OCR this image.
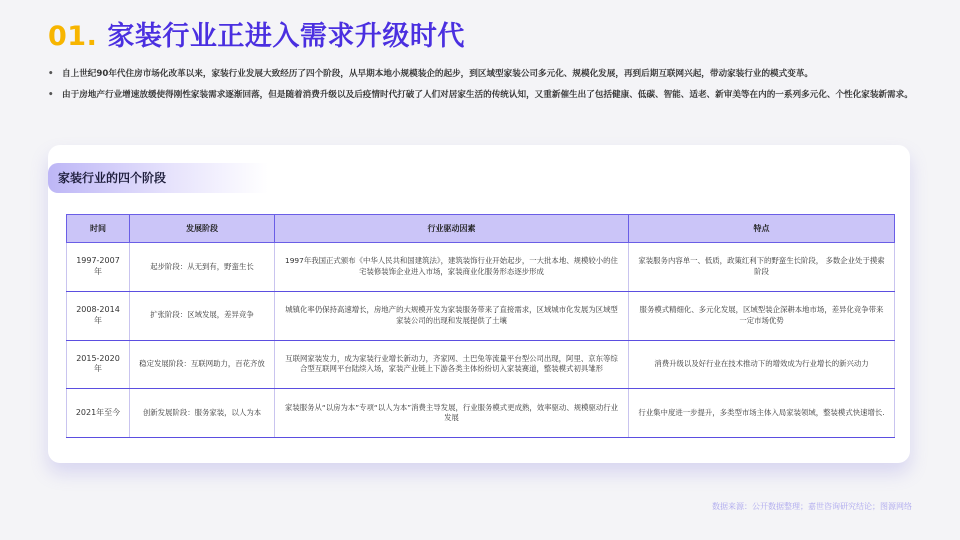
01. 家装行业正进入需求升级时代
• 自上世纪90年代住房市场化改革以来，家装行业发展大致经历了四个阶段，从早期本地小规模装企的起步，到区域型家装公司多元化、规模化发展，再到后期互联网兴起，带动家装行业的模式变革。
• 由于房地产行业增速放缓使得刚性家装需求逐渐回落，但是随着消费升级以及后疫情时代打破了人们对居家生活的传统认知，又重新催生出了包括健康、低碳、智能、适老、新审美等在内的一系列多元化、个性化家装新需求。
家装行业的四个阶段
时间	发展阶段	行业驱动因素	特点
1997-2007年	起步阶段：从无到有，野蛮生长	1997年我国正式颁布《中华人民共和国建筑法》，建筑装饰行业开始起步，一大批本地、规模较小的住宅装修装饰企业进入市场，家装商业化服务形态逐步形成	家装服务内容单一、低质，政策红利下的野蛮生长阶段， 多数企业处于摸索阶段
2008-2014年	扩张阶段：区域发展，差异竞争	城镇化率仍保持高速增长，房地产的大规模开发为家装服务带来了直接需求，区域城市化发展为区域型家装公司的出现和发展提供了土壤	服务模式精细化、多元化发展，区域型装企深耕本地市场，差异化竞争带来一定市场优势
2015-2020年	稳定发展阶段：互联网助力，百花齐放	互联网家装发力，成为家装行业增长新动力，齐家网、土巴兔等流量平台型公司出现，阿里、京东等综合型互联网平台陆续入场，家装产业链上下游各类主体纷纷切入家装赛道，整装模式初具雏形	消费升级以及好行业在技术推动下的增效成为行业增长的新兴动力
2021年至今	创新发展阶段：服务家装，以人为本	家装服务从“以房为本”专项“以人为本”消费主导发展，行业服务模式更成熟，效率驱动、规模驱动行业发展	行业集中度进一步提升，多类型市场主体入局家装领域，整装模式快速增长.
数据来源：公开数据整理；嘉世咨询研究结论；图源网络
